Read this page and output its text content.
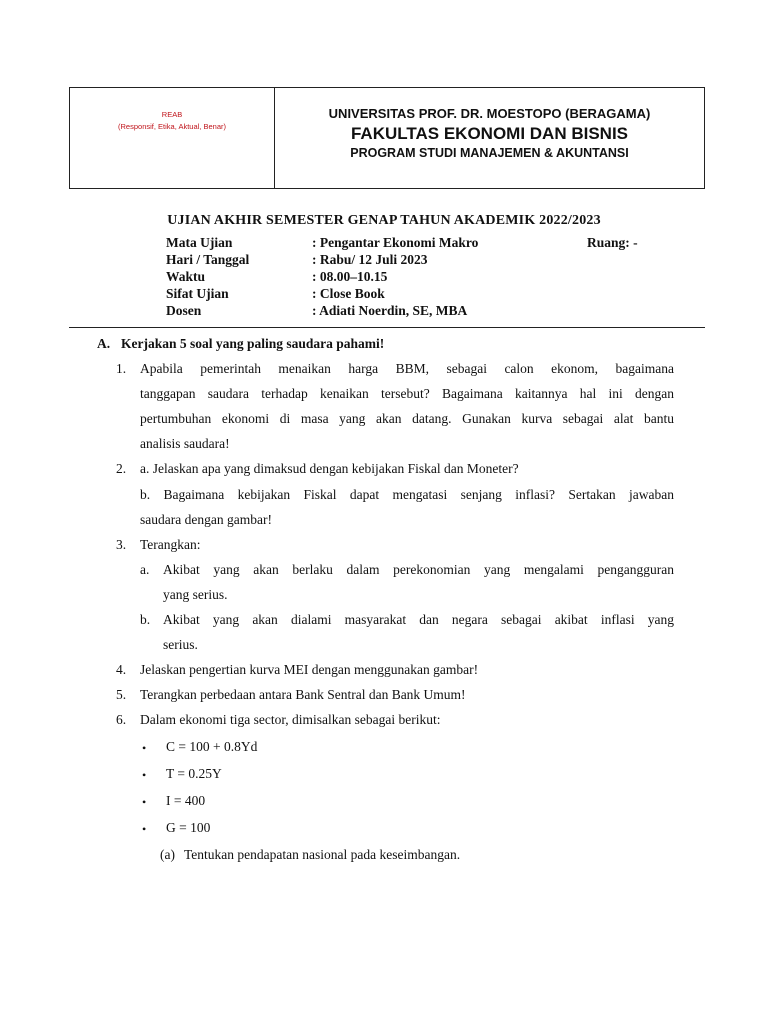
REAB
(Responsif, Etika, Aktual, Benar)
UNIVERSITAS PROF. DR. MOESTOPO (BERAGAMA)
FAKULTAS EKONOMI DAN BISNIS
PROGRAM STUDI MANAJEMEN & AKUNTANSI
UJIAN AKHIR SEMESTER GENAP TAHUN AKADEMIK 2022/2023
Mata Ujian	: Pengantar Ekonomi Makro	Ruang: -
Hari / Tanggal	: Rabu/ 12 Juli 2023
Waktu	: 08.00–10.15
Sifat Ujian	: Close Book
Dosen	: Adiati Noerdin, SE, MBA
A. Kerjakan 5 soal yang paling saudara pahami!
1. Apabila pemerintah menaikan harga BBM, sebagai calon ekonom, bagaimana
tanggapan saudara terhadap kenaikan tersebut? Bagaimana kaitannya hal ini dengan
pertumbuhan ekonomi di masa yang akan datang. Gunakan kurva sebagai alat bantu
analisis saudara!
2. a. Jelaskan apa yang dimaksud dengan kebijakan Fiskal dan Moneter?
b. Bagaimana kebijakan Fiskal dapat mengatasi senjang inflasi? Sertakan jawaban
saudara dengan gambar!
3. Terangkan:
a. Akibat yang akan berlaku dalam perekonomian yang mengalami pengangguran
yang serius.
b. Akibat yang akan dialami masyarakat dan negara sebagai akibat inflasi yang
serius.
4. Jelaskan pengertian kurva MEI dengan menggunakan gambar!
5. Terangkan perbedaan antara Bank Sentral dan Bank Umum!
6. Dalam ekonomi tiga sector, dimisalkan sebagai berikut:
• C = 100 + 0.8Yd
• T = 0.25Y
• I = 400
• G = 100
(a) Tentukan pendapatan nasional pada keseimbangan.
